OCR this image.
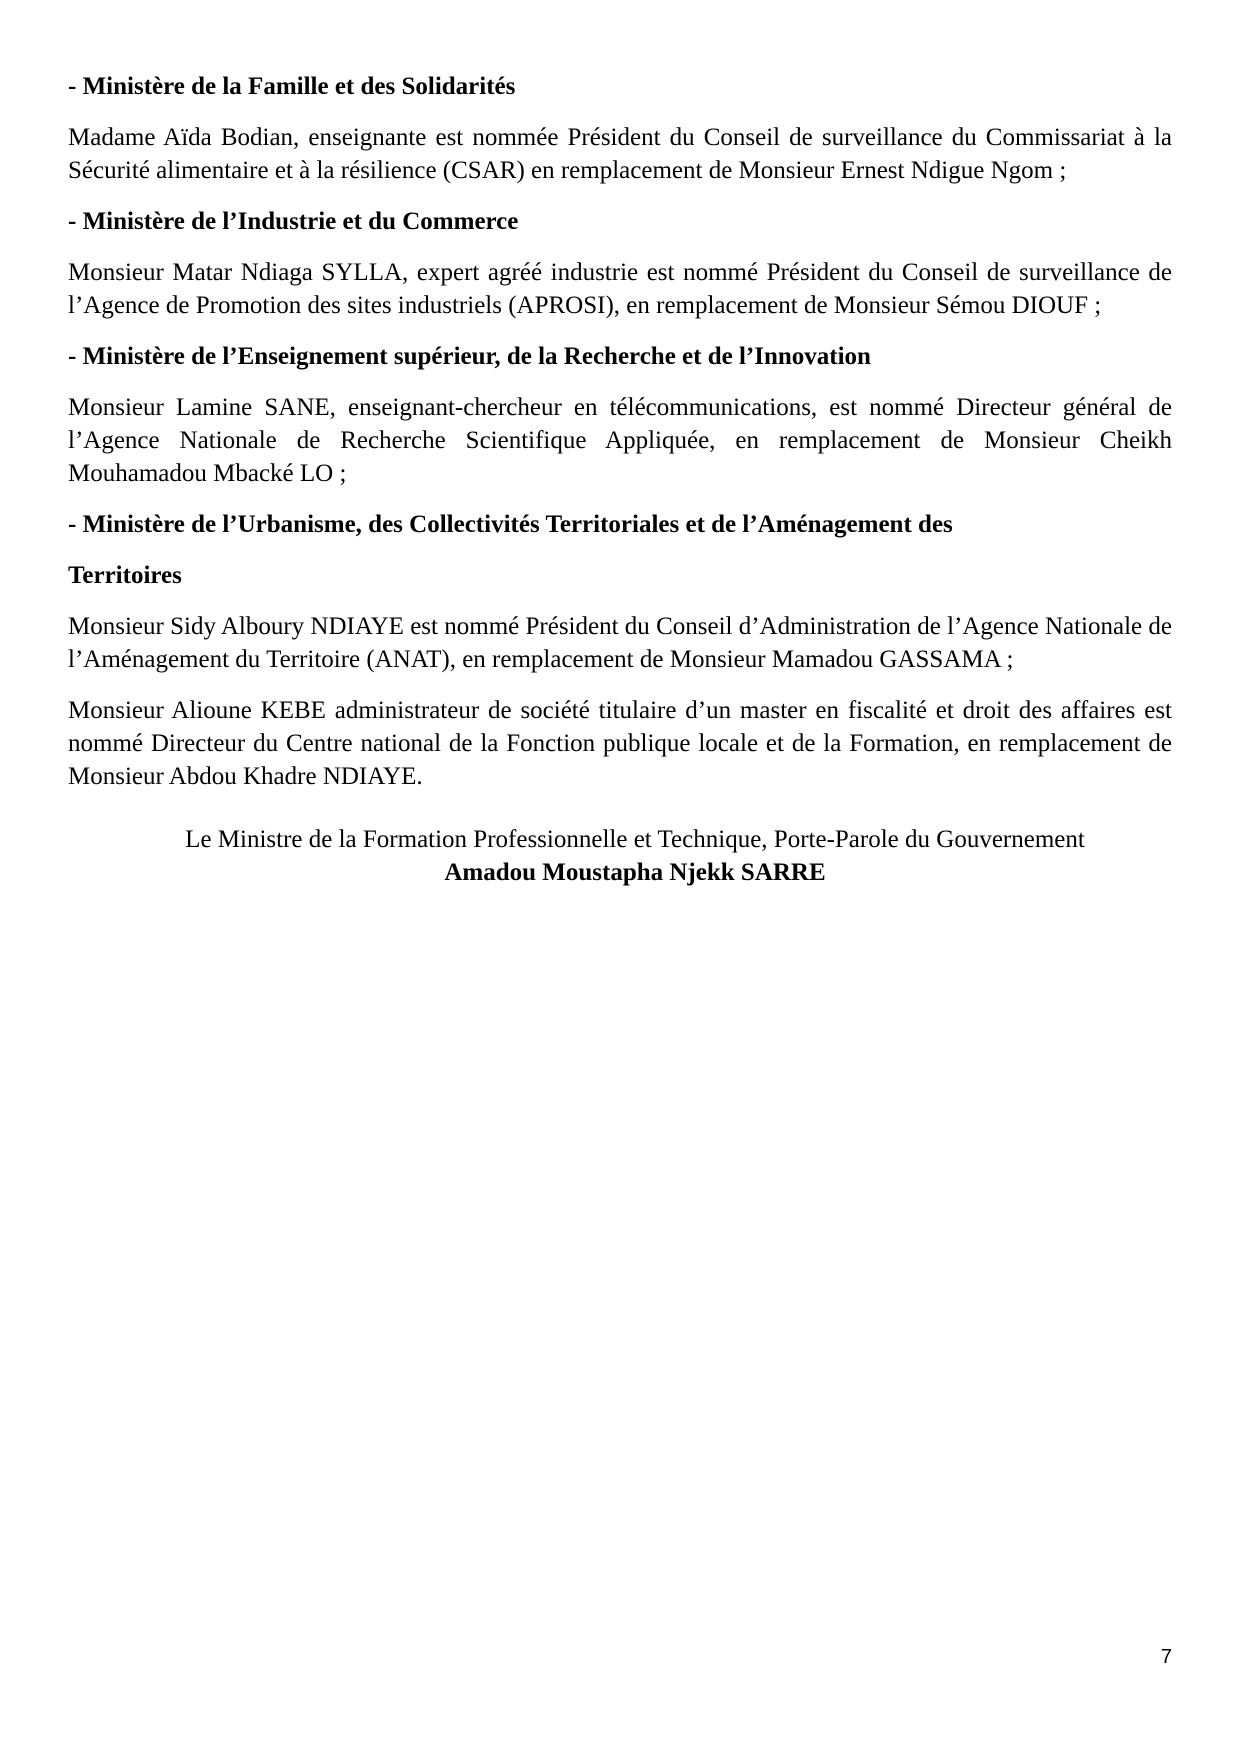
- Ministère de la Famille et des Solidarités

Madame Aïda Bodian, enseignante est nommée Président du Conseil de surveillance du Commissariat à la Sécurité alimentaire et à la résilience (CSAR) en remplacement de Monsieur Ernest Ndigue Ngom ;

- Ministère de l’Industrie et du Commerce

Monsieur Matar Ndiaga SYLLA, expert agréé industrie est nommé Président du Conseil de surveillance de l’Agence de Promotion des sites industriels (APROSI), en remplacement de Monsieur Sémou DIOUF ;

- Ministère de l’Enseignement supérieur, de la Recherche et de l’Innovation

Monsieur Lamine SANE, enseignant-chercheur en télécommunications, est nommé Directeur général de l’Agence Nationale de Recherche Scientifique Appliquée, en remplacement de Monsieur Cheikh Mouhamadou Mbacké LO ;

- Ministère de l’Urbanisme, des Collectivités Territoriales et de l’Aménagement des
Territoires

Monsieur Sidy Alboury NDIAYE est nommé Président du Conseil d’Administration de l’Agence Nationale de l’Aménagement du Territoire (ANAT), en remplacement de Monsieur Mamadou GASSAMA ;

Monsieur Alioune KEBE administrateur de société titulaire d’un master en fiscalité et droit des affaires est nommé Directeur du Centre national de la Fonction publique locale et de la Formation, en remplacement de Monsieur Abdou Khadre NDIAYE.

Le Ministre de la Formation Professionnelle et Technique, Porte-Parole du Gouvernement
Amadou Moustapha Njekk SARRE
7
